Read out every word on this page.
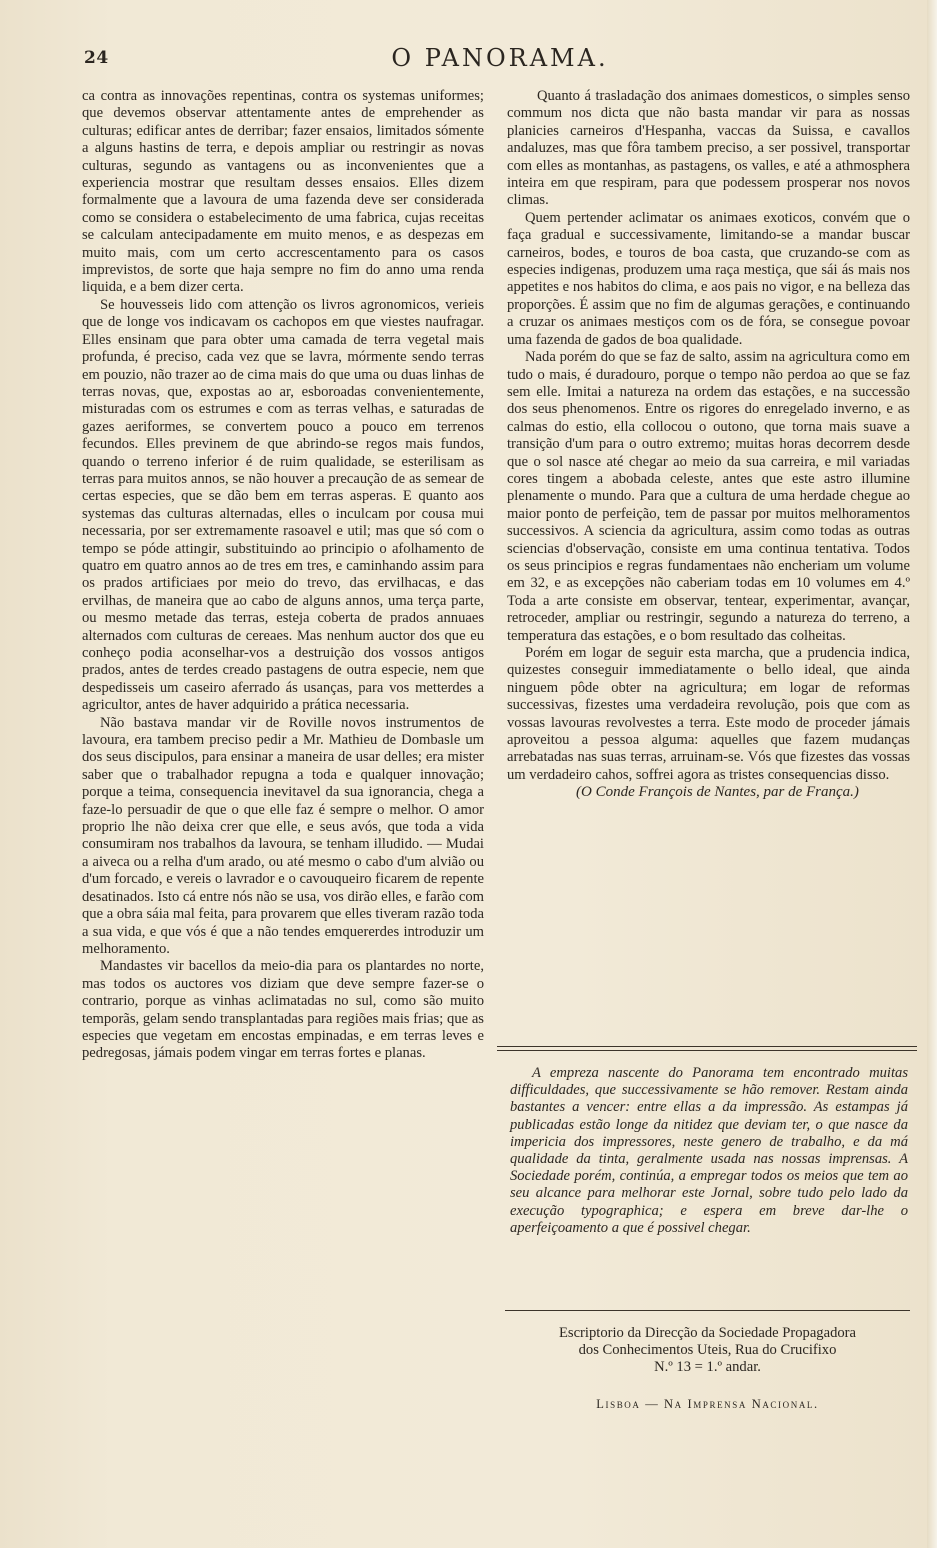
24	O PANORAMA.

ca contra as innovações repentinas, contra os systemas uniformes; que devemos observar attentamente antes de emprehender as culturas; edificar antes de derribar; fazer ensaios, limitados sómente a alguns hastins de terra, e depois ampliar ou restringir as novas culturas, segundo as vantagens ou as inconvenientes que a experiencia mostrar que resultam desses ensaios. Elles dizem formalmente que a lavoura de uma fazenda deve ser considerada como se considera o estabelecimento de uma fabrica, cujas receitas se calculam antecipadamente em muito menos, e as despezas em muito mais, com um certo accrescentamento para os casos imprevistos, de sorte que haja sempre no fim do anno uma renda liquida, e a bem dizer certa.

Se houvesseis lido com attenção os livros agronomicos, verieis que de longe vos indicavam os cachopos em que viestes naufragar. Elles ensinam que para obter uma camada de terra vegetal mais profunda, é preciso, cada vez que se lavra, mórmente sendo terras em pouzio, não trazer ao de cima mais do que uma ou duas linhas de terras novas, que, expostas ao ar, esboroadas convenientemente, misturadas com os estrumes e com as terras velhas, e saturadas de gazes aeriformes, se convertem pouco a pouco em terrenos fecundos. Elles previnem de que abrindo-se regos mais fundos, quando o terreno inferior é de ruim qualidade, se esterilisam as terras para muitos annos, se não houver a precaução de as semear de certas especies, que se dão bem em terras asperas. E quanto aos systemas das culturas alternadas, elles o inculcam por cousa mui necessaria, por ser extremamente rasoavel e util; mas que só com o tempo se póde attingir, substituindo ao principio o afolhamento de quatro em quatro annos ao de tres em tres, e caminhando assim para os prados artificiaes por meio do trevo, das ervilhacas, e das ervilhas, de maneira que ao cabo de alguns annos, uma terça parte, ou mesmo metade das terras, esteja coberta de prados annuaes alternados com culturas de cereaes. Mas nenhum auctor dos que eu conheço podia aconselhar-vos a destruição dos vossos antigos prados, antes de terdes creado pastagens de outra especie, nem que despedisseis um caseiro aferrado ás usanças, para vos metterdes a agricultor, antes de haver adquirido a prática necessaria.

Não bastava mandar vir de Roville novos instrumentos de lavoura, era tambem preciso pedir a Mr. Mathieu de Dombasle um dos seus discipulos, para ensinar a maneira de usar delles; era mister saber que o trabalhador repugna a toda e qualquer innovação; porque a teima, consequencia inevitavel da sua ignorancia, chega a faze-lo persuadir de que o que elle faz é sempre o melhor. O amor proprio lhe não deixa crer que elle, e seus avós, que toda a vida consumiram nos trabalhos da lavoura, se tenham illudido. — Mudai a aiveca ou a relha d'um arado, ou até mesmo o cabo d'um alvião ou d'um forcado, e vereis o lavrador e o cavouqueiro ficarem de repente desatinados. Isto cá entre nós não se usa, vos dirão elles, e farão com que a obra sáia mal feita, para provarem que elles tiveram razão toda a sua vida, e que vós é que a não tendes emquererdes introduzir um melhoramento.

Mandastes vir bacellos da meio-dia para os plantardes no norte, mas todos os auctores vos diziam que deve sempre fazer-se o contrario, porque as vinhas aclimatadas no sul, como são muito temporãs, gelam sendo transplantadas para regiões mais frias; que as especies que vegetam em encostas empinadas, e em terras leves e pedregosas, jámais podem vingar em terras fortes e planas.

Quanto á trasladação dos animaes domesticos, o simples senso commum nos dicta que não basta mandar vir para as nossas planicies carneiros d'Hespanha, vaccas da Suissa, e cavallos andaluzes, mas que fôra tambem preciso, a ser possivel, transportar com elles as montanhas, as pastagens, os valles, e até a athmosphera inteira em que respiram, para que podessem prosperar nos novos climas.

Quem pertender aclimatar os animaes exoticos, convém que o faça gradual e successivamente, limitando-se a mandar buscar carneiros, bodes, e touros de boa casta, que cruzando-se com as especies indigenas, produzem uma raça mestiça, que sái ás mais nos appetites e nos habitos do clima, e aos pais no vigor, e na belleza das proporções. É assim que no fim de algumas gerações, e continuando a cruzar os animaes mestiços com os de fóra, se consegue povoar uma fazenda de gados de boa qualidade.

Nada porém do que se faz de salto, assim na agricultura como em tudo o mais, é duradouro, porque o tempo não perdoa ao que se faz sem elle. Imitai a natureza na ordem das estações, e na successão dos seus phenomenos. Entre os rigores do enregelado inverno, e as calmas do estio, ella collocou o outono, que torna mais suave a transição d'um para o outro extremo; muitas horas decorrem desde que o sol nasce até chegar ao meio da sua carreira, e mil variadas cores tingem a abobada celeste, antes que este astro illumine plenamente o mundo. Para que a cultura de uma herdade chegue ao maior ponto de perfeição, tem de passar por muitos melhoramentos successivos. A sciencia da agricultura, assim como todas as outras sciencias d'observação, consiste em uma continua tentativa. Todos os seus principios e regras fundamentaes não encheriam um volume em 32, e as excepções não caberiam todas em 10 volumes em 4.º Toda a arte consiste em observar, tentear, experimentar, avançar, retroceder, ampliar ou restringir, segundo a natureza do terreno, a temperatura das estações, e o bom resultado das colheitas.

Porém em logar de seguir esta marcha, que a prudencia indica, quizestes conseguir immediatamente o bello ideal, que ainda ninguem pôde obter na agricultura; em logar de reformas successivas, fizestes uma verdadeira revolução, pois que com as vossas lavouras revolvestes a terra. Este modo de proceder jámais aproveitou a pessoa alguma: aquelles que fazem mudanças arrebatadas nas suas terras, arruinam-se. Vós que fizestes das vossas um verdadeiro cahos, soffrei agora as tristes consequencias disso.

(O Conde François de Nantes, par de França.)

A empreza nascente do Panorama tem encontrado muitas difficuldades, que successivamente se hão remover. Restam ainda bastantes a vencer: entre ellas a da impressão. As estampas já publicadas estão longe da nitidez que deviam ter, o que nasce da impericia dos impressores, neste genero de trabalho, e da má qualidade da tinta, geralmente usada nas nossas imprensas. A Sociedade porém, continúa, a empregar todos os meios que tem ao seu alcance para melhorar este Jornal, sobre tudo pelo lado da execução typographica; e espera em breve dar-lhe o aperfeiçoamento a que é possivel chegar.

Escriptorio da Direcção da Sociedade Propagadora
dos Conhecimentos Uteis, Rua do Crucifixo
N.º 13 = 1.º andar.
Lisboa — Na Imprensa Nacional.
